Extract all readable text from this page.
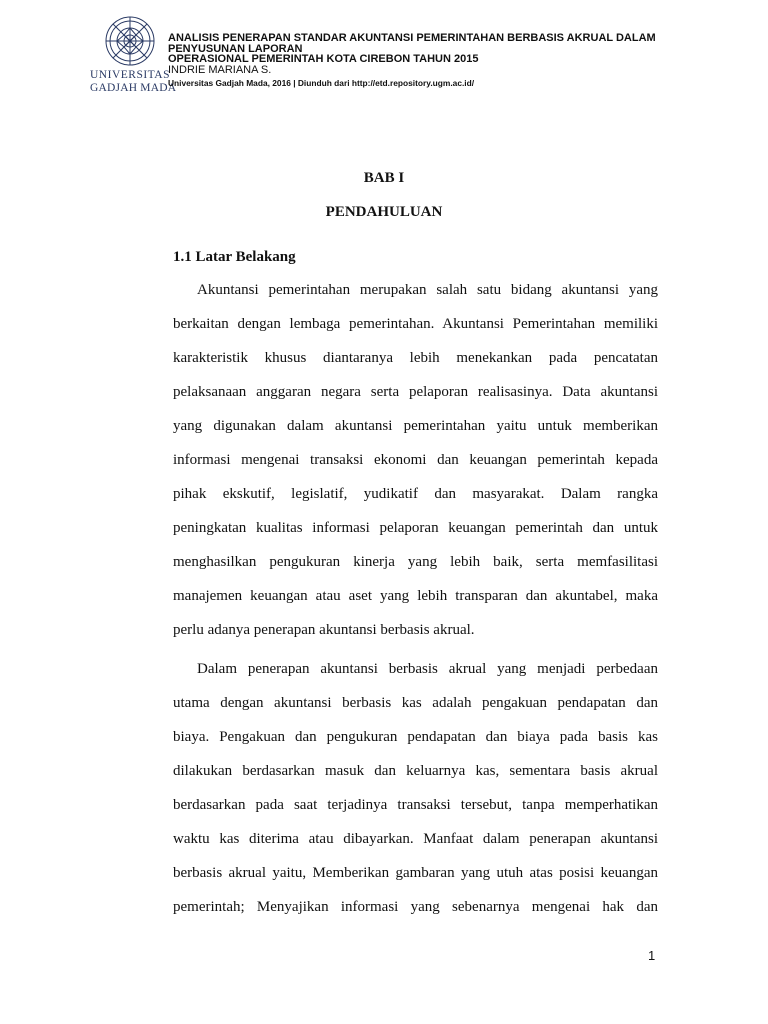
UNIVERSITAS
GADJAH MADA
ANALISIS PENERAPAN STANDAR AKUNTANSI PEMERINTAHAN BERBASIS AKRUAL DALAM
PENYUSUNAN LAPORAN
OPERASIONAL PEMERINTAH KOTA CIREBON TAHUN 2015
INDRIE MARIANA S.
Universitas Gadjah Mada, 2016 | Diunduh dari http://etd.repository.ugm.ac.id/
BAB I
PENDAHULUAN
1.1 Latar Belakang
Akuntansi pemerintahan merupakan salah satu bidang akuntansi yang
berkaitan dengan lembaga pemerintahan. Akuntansi Pemerintahan memiliki
karakteristik khusus diantaranya lebih menekankan pada pencatatan
pelaksanaan anggaran negara serta pelaporan realisasinya. Data akuntansi
yang digunakan dalam akuntansi pemerintahan yaitu untuk memberikan
informasi mengenai transaksi ekonomi dan keuangan pemerintah kepada
pihak ekskutif, legislatif, yudikatif dan masyarakat. Dalam rangka
peningkatan kualitas informasi pelaporan keuangan pemerintah dan untuk
menghasilkan pengukuran kinerja yang lebih baik, serta memfasilitasi
manajemen keuangan atau aset yang lebih transparan dan akuntabel, maka
perlu adanya penerapan akuntansi berbasis akrual.
Dalam penerapan akuntansi berbasis akrual yang menjadi perbedaan
utama dengan akuntansi berbasis kas adalah pengakuan pendapatan dan
biaya. Pengakuan dan pengukuran pendapatan dan biaya pada basis kas
dilakukan berdasarkan masuk dan keluarnya kas, sementara basis akrual
berdasarkan pada saat terjadinya transaksi tersebut, tanpa memperhatikan
waktu kas diterima atau dibayarkan. Manfaat dalam penerapan akuntansi
berbasis akrual yaitu, Memberikan gambaran yang utuh atas posisi keuangan
pemerintah; Menyajikan informasi yang sebenarnya mengenai hak dan
1
